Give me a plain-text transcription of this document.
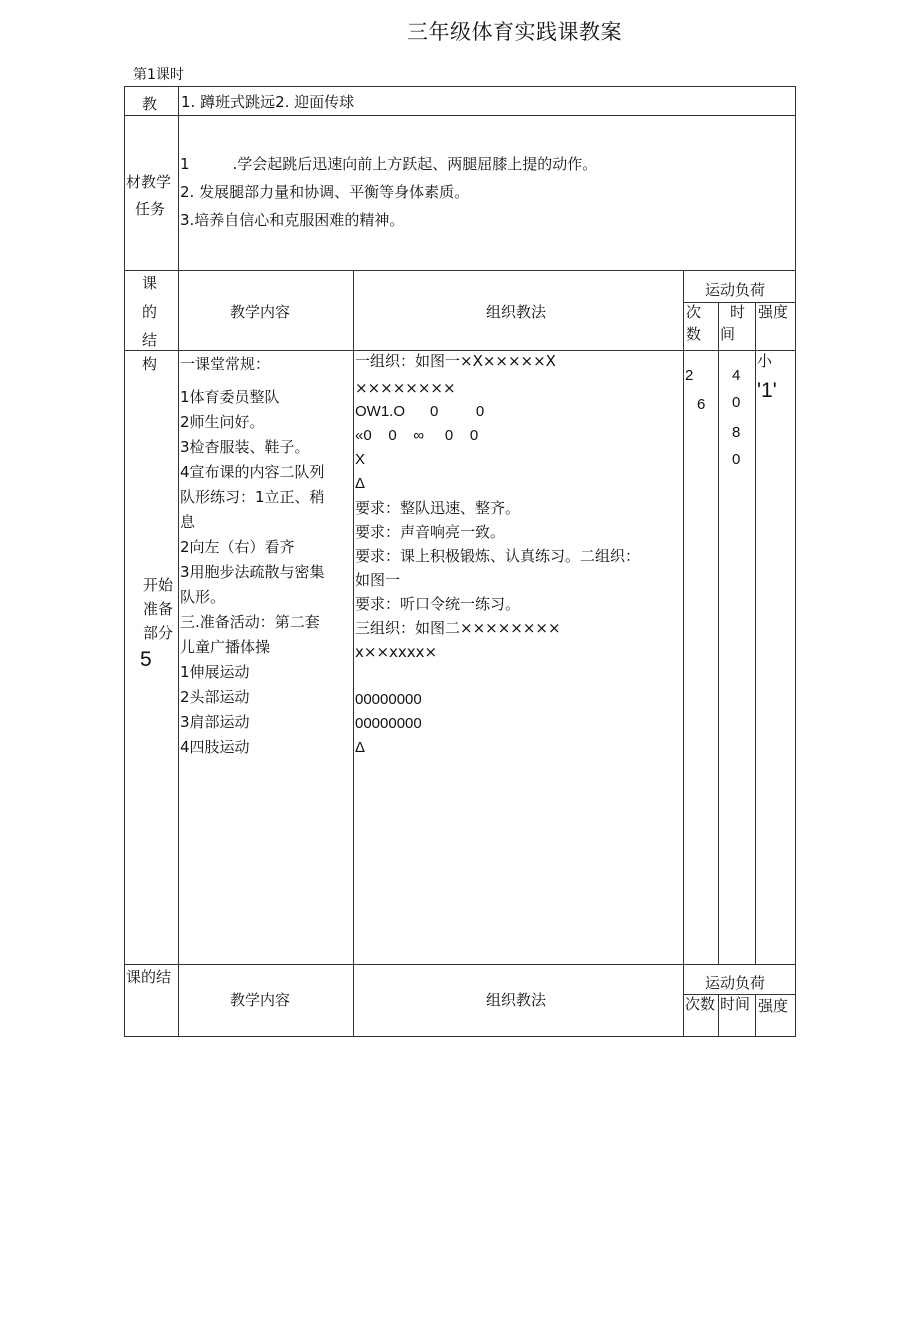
三年级体育实践课教案
第1课时
教 1. 蹲班式跳远2. 迎面传球
材教学
任务
1         .学会起跳后迅速向前上方跃起、两腿屈膝上提的动作。
2. 发展腿部力量和协调、平衡等身体素质。
3.培养自信心和克服困难的精神。
课
的
结
构
教学内容	组织教法
运动负荷
次
数
时
间
强度
开始
准备
部分
5
一课堂常规：
1体育委员整队
2师生问好。
3检杳服装、鞋子。
4宣布课的内容二队列
队形练习：1立正、稍
息
2向左（右）看齐
3用胞步法疏散与密集
队形。
三.准备活动：第二套
儿童广播体操
1伸展运动
2头部运动
3肩部运动
4四肢运动
一组织：如图一×X×××××X
××××××××
OW1.O      0         0
«0    0    ∞     0    0
X
Δ
要求：整队迅速、整齐。
要求：声音响亮一致。
要求：课上积极锻炼、认真练习。二组织：
如图一
要求：听口令统一练习。
三组织：如图二××××××××
x××xxxx×
00000000
00000000
Δ
2
6
4
0
8
0
小
'1'
课的结
教学内容	组织教法
运动负荷
次数 时间 强度
